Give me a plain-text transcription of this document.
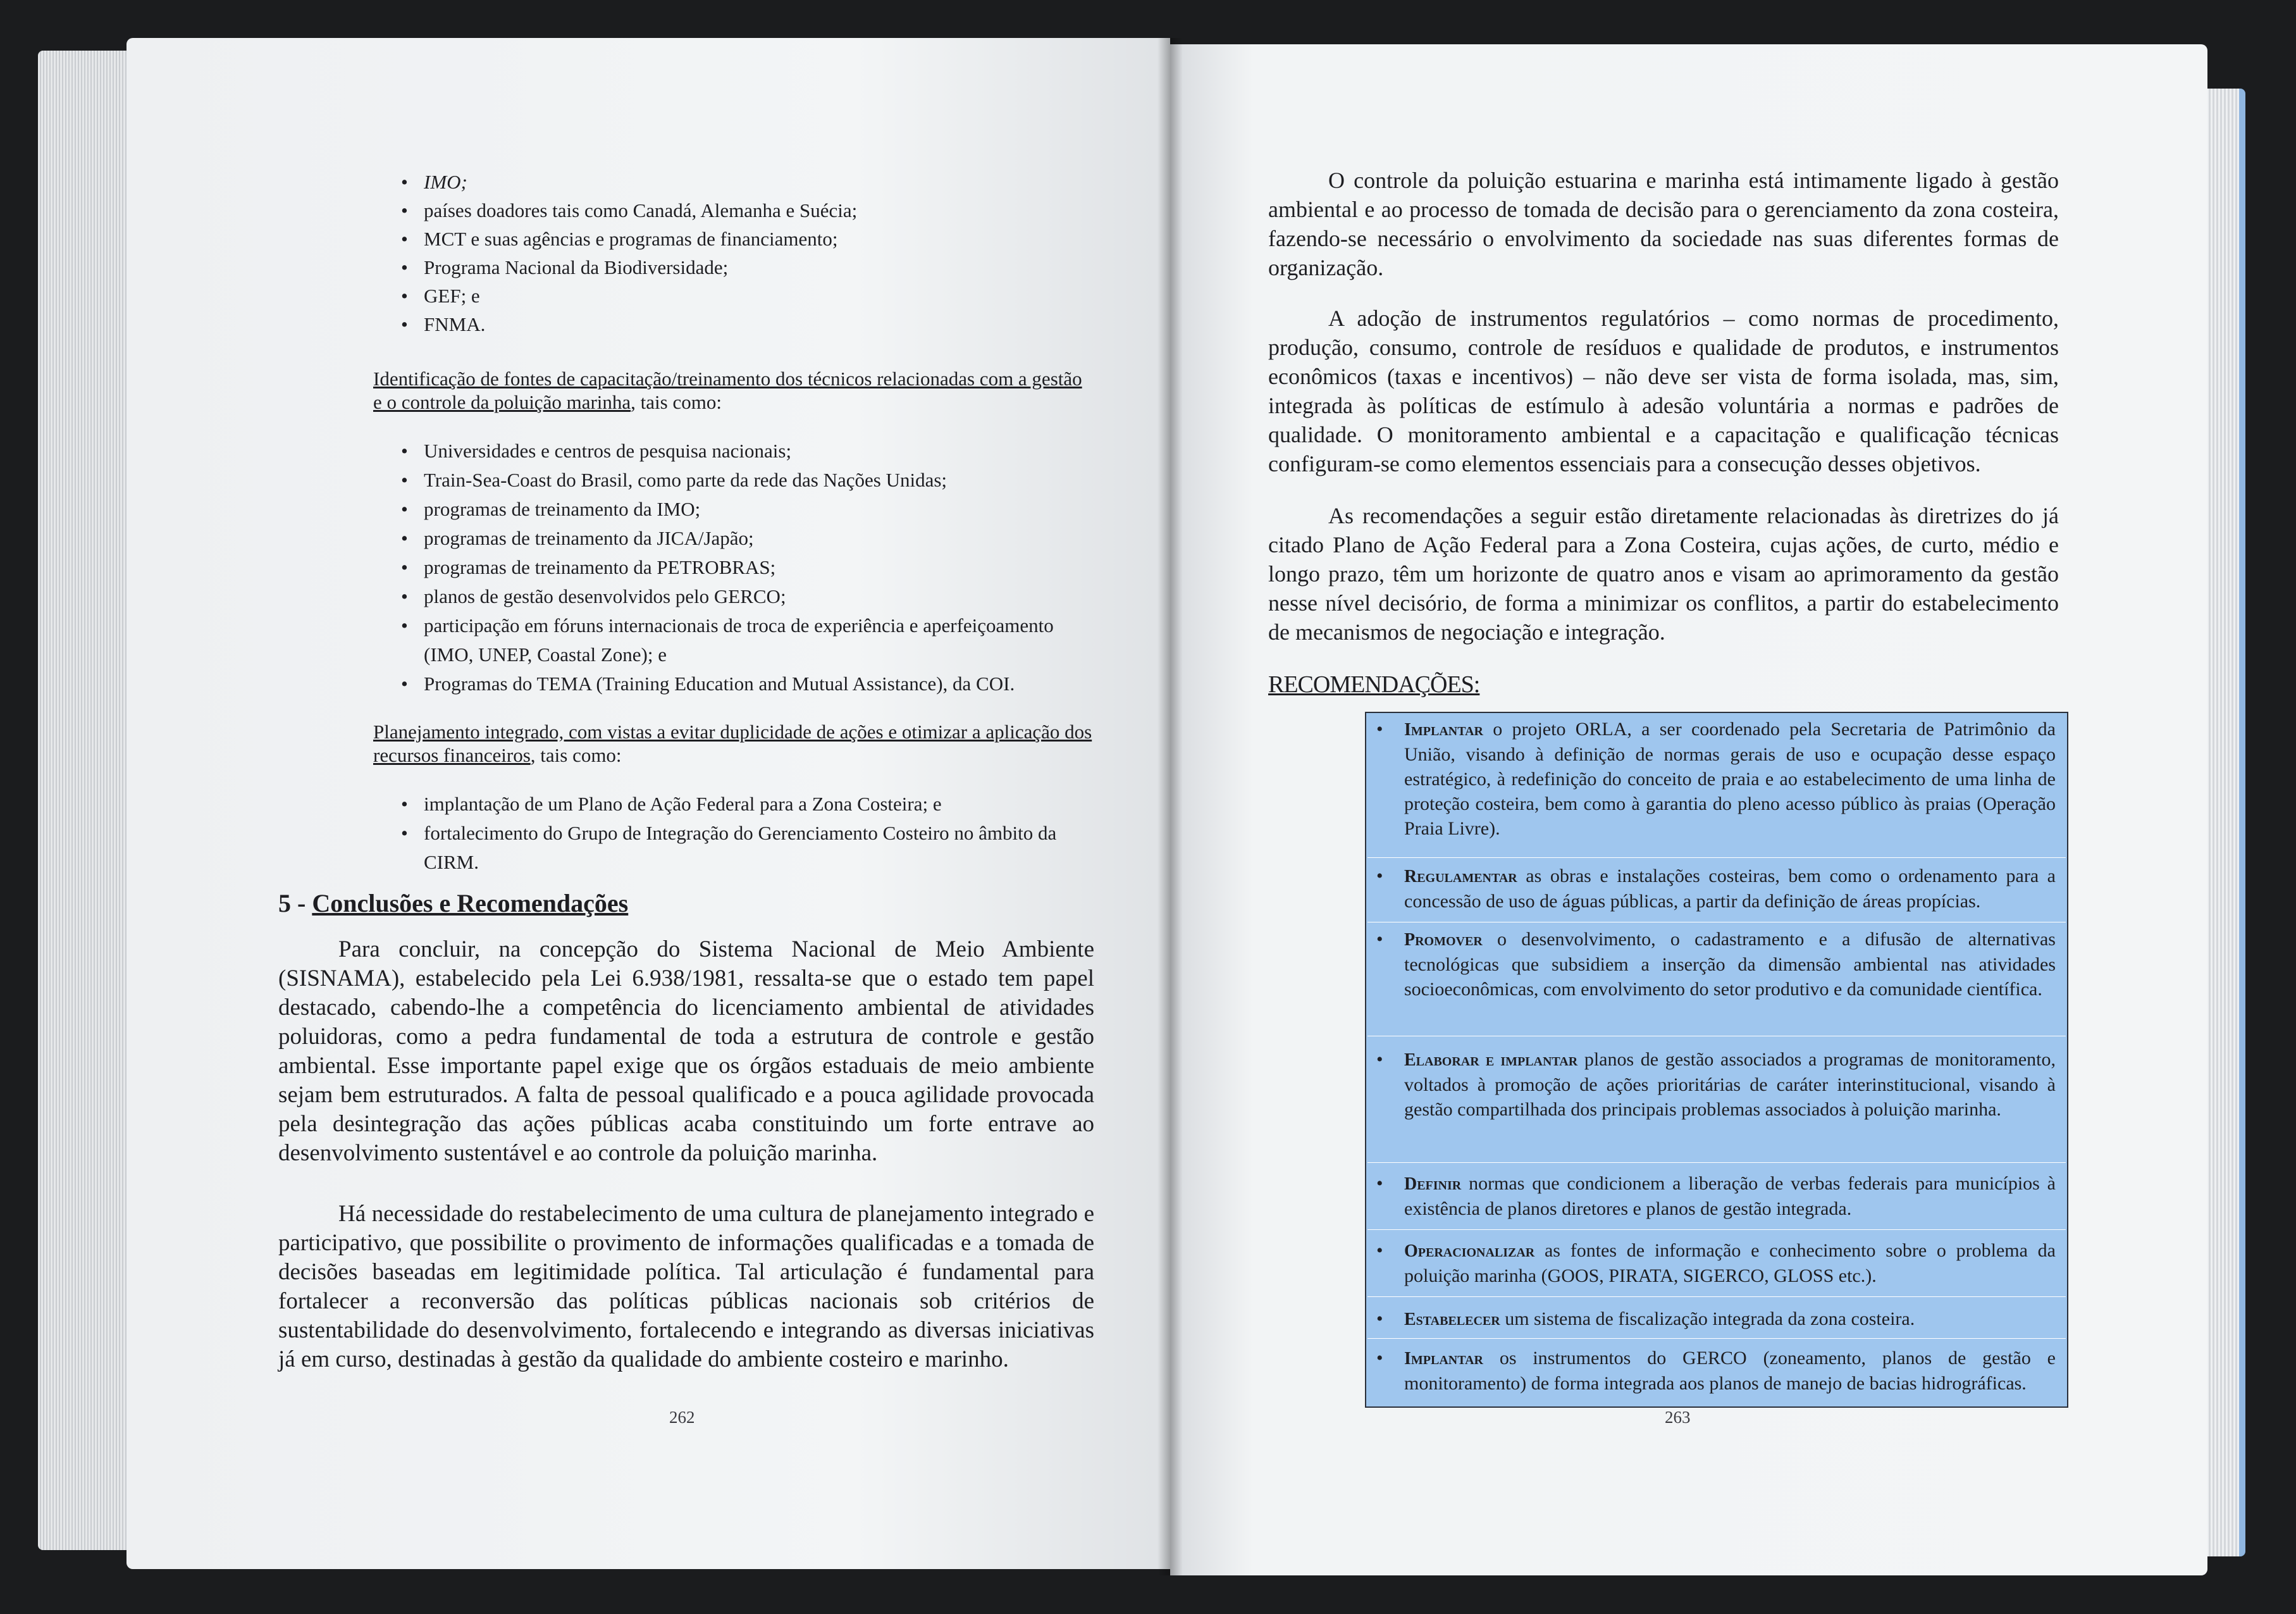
• IMO;
• países doadores tais como Canadá, Alemanha e Suécia;
• MCT e suas agências e programas de financiamento;
• Programa Nacional da Biodiversidade;
• GEF; e
• FNMA.
Identificação de fontes de capacitação/treinamento dos técnicos relacionadas com a gestão e o controle da poluição marinha, tais como:
• Universidades e centros de pesquisa nacionais;
• Train-Sea-Coast do Brasil, como parte da rede das Nações Unidas;
• programas de treinamento da IMO;
• programas de treinamento da JICA/Japão;
• programas de treinamento da PETROBRAS;
• planos de gestão desenvolvidos pelo GERCO;
• participação em fóruns internacionais de troca de experiência e aperfeiçoamento (IMO, UNEP, Coastal Zone); e
• Programas do TEMA (Training Education and Mutual Assistance), da COI.
Planejamento integrado, com vistas a evitar duplicidade de ações e otimizar a aplicação dos recursos financeiros, tais como:
• implantação de um Plano de Ação Federal para a Zona Costeira; e
• fortalecimento do Grupo de Integração do Gerenciamento Costeiro no âmbito da CIRM.
5 - Conclusões e Recomendações
Para concluir, na concepção do Sistema Nacional de Meio Ambiente (SISNAMA), estabelecido pela Lei 6.938/1981, ressalta-se que o estado tem papel destacado, cabendo-lhe a competência do licenciamento ambiental de atividades poluidoras, como a pedra fundamental de toda a estrutura de controle e gestão ambiental. Esse importante papel exige que os órgãos estaduais de meio ambiente sejam bem estruturados. A falta de pessoal qualificado e a pouca agilidade provocada pela desintegração das ações públicas acaba constituindo um forte entrave ao desenvolvimento sustentável e ao controle da poluição marinha.
Há necessidade do restabelecimento de uma cultura de planejamento integrado e participativo, que possibilite o provimento de informações qualificadas e a tomada de decisões baseadas em legitimidade política. Tal articulação é fundamental para fortalecer a reconversão das políticas públicas nacionais sob critérios de sustentabilidade do desenvolvimento, fortalecendo e integrando as diversas iniciativas já em curso, destinadas à gestão da qualidade do ambiente costeiro e marinho.
262
O controle da poluição estuarina e marinha está intimamente ligado à gestão ambiental e ao processo de tomada de decisão para o gerenciamento da zona costeira, fazendo-se necessário o envolvimento da sociedade nas suas diferentes formas de organização.
A adoção de instrumentos regulatórios – como normas de procedimento, produção, consumo, controle de resíduos e qualidade de produtos, e instrumentos econômicos (taxas e incentivos) – não deve ser vista de forma isolada, mas, sim, integrada às políticas de estímulo à adesão voluntária a normas e padrões de qualidade. O monitoramento ambiental e a capacitação e qualificação técnicas configuram-se como elementos essenciais para a consecução desses objetivos.
As recomendações a seguir estão diretamente relacionadas às diretrizes do já citado Plano de Ação Federal para a Zona Costeira, cujas ações, de curto, médio e longo prazo, têm um horizonte de quatro anos e visam ao aprimoramento da gestão nesse nível decisório, de forma a minimizar os conflitos, a partir do estabelecimento de mecanismos de negociação e integração.
RECOMENDAÇÕES:
• Implantar o projeto ORLA, a ser coordenado pela Secretaria de Patrimônio da União, visando à definição de normas gerais de uso e ocupação desse espaço estratégico, à redefinição do conceito de praia e ao estabelecimento de uma linha de proteção costeira, bem como à garantia do pleno acesso público às praias (Operação Praia Livre).
• Regulamentar as obras e instalações costeiras, bem como o ordenamento para a concessão de uso de águas públicas, a partir da definição de áreas propícias.
• Promover o desenvolvimento, o cadastramento e a difusão de alternativas tecnológicas que subsidiem a inserção da dimensão ambiental nas atividades socioeconômicas, com envolvimento do setor produtivo e da comunidade científica.
• Elaborar e implantar planos de gestão associados a programas de monitoramento, voltados à promoção de ações prioritárias de caráter interinstitucional, visando à gestão compartilhada dos principais problemas associados à poluição marinha.
• Definir normas que condicionem a liberação de verbas federais para municípios à existência de planos diretores e planos de gestão integrada.
• Operacionalizar as fontes de informação e conhecimento sobre o problema da poluição marinha (GOOS, PIRATA, SIGERCO, GLOSS etc.).
• Estabelecer um sistema de fiscalização integrada da zona costeira.
• Implantar os instrumentos do GERCO (zoneamento, planos de gestão e monitoramento) de forma integrada aos planos de manejo de bacias hidrográficas.
263
